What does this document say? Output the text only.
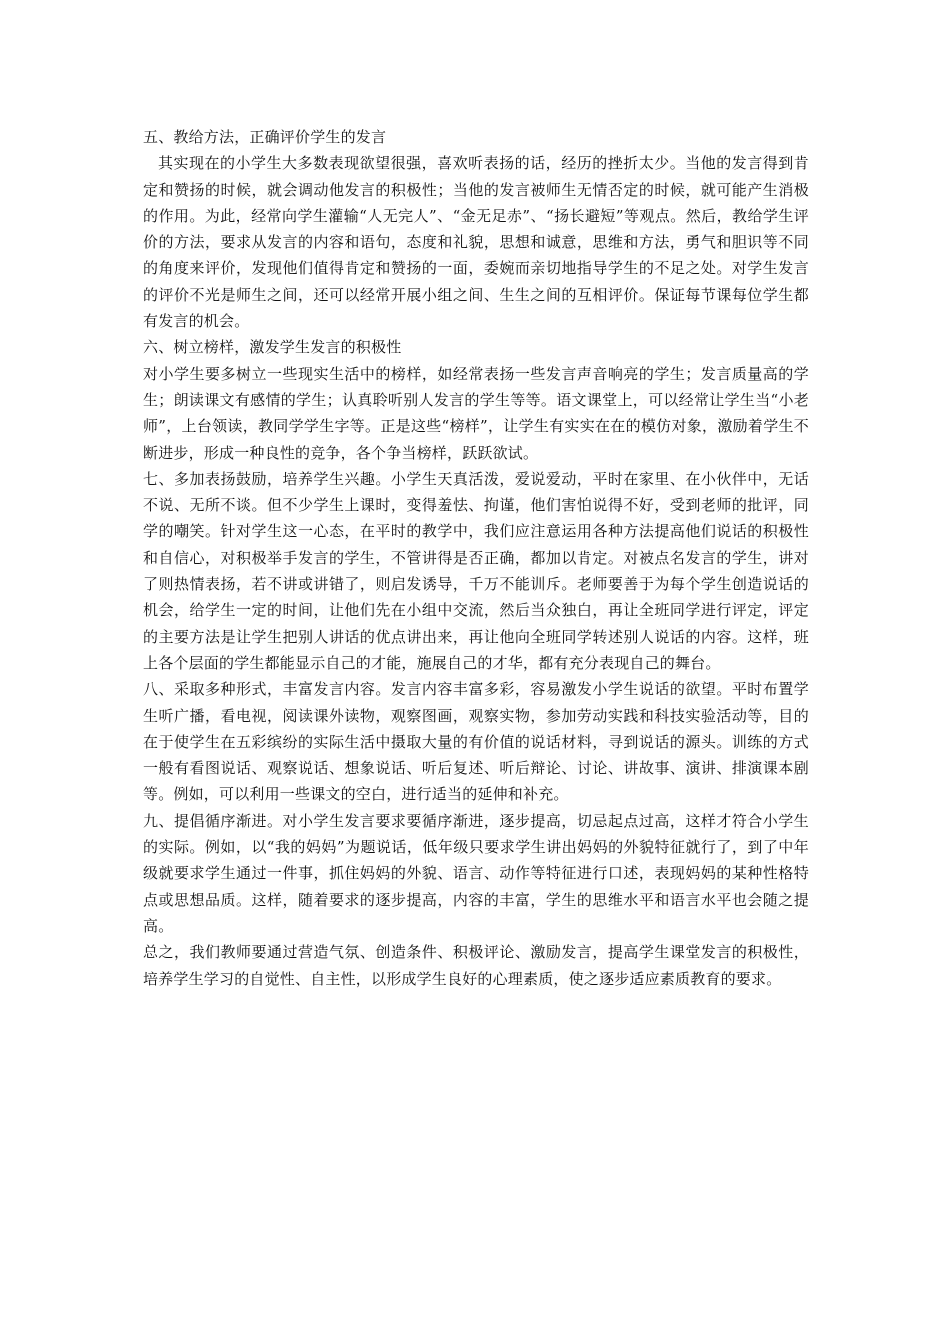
五、教给方法，正确评价学生的发言

其实现在的小学生大多数表现欲望很强，喜欢听表扬的话，经历的挫折太少。当他的发言得到肯定和赞扬的时候，就会调动他发言的积极性；当他的发言被师生无情否定的时候，就可能产生消极的作用。为此，经常向学生灌输“人无完人”、“金无足赤”、“扬长避短”等观点。然后，教给学生评价的方法，要求从发言的内容和语句，态度和礼貌，思想和诚意，思维和方法，勇气和胆识等不同的角度来评价，发现他们值得肯定和赞扬的一面，委婉而亲切地指导学生的不足之处。对学生发言的评价不光是师生之间，还可以经常开展小组之间、生生之间的互相评价。保证每节课每位学生都有发言的机会。

六、树立榜样，激发学生发言的积极性

对小学生要多树立一些现实生活中的榜样，如经常表扬一些发言声音响亮的学生；发言质量高的学生；朗读课文有感情的学生；认真聆听别人发言的学生等等。语文课堂上，可以经常让学生当“小老师”，上台领读，教同学学生字等。正是这些“榜样”，让学生有实实在在的模仿对象，激励着学生不断进步，形成一种良性的竞争，各个争当榜样，跃跃欲试。

七、多加表扬鼓励，培养学生兴趣。小学生天真活泼，爱说爱动，平时在家里、在小伙伴中，无话不说、无所不谈。但不少学生上课时，变得羞怯、拘谨，他们害怕说得不好，受到老师的批评，同学的嘲笑。针对学生这一心态，在平时的教学中，我们应注意运用各种方法提高他们说话的积极性和自信心，对积极举手发言的学生，不管讲得是否正确，都加以肯定。对被点名发言的学生，讲对了则热情表扬，若不讲或讲错了，则启发诱导，千万不能训斥。老师要善于为每个学生创造说话的机会，给学生一定的时间，让他们先在小组中交流，然后当众独白，再让全班同学进行评定，评定的主要方法是让学生把别人讲话的优点讲出来，再让他向全班同学转述别人说话的内容。这样，班上各个层面的学生都能显示自己的才能，施展自己的才华，都有充分表现自己的舞台。

八、采取多种形式，丰富发言内容。发言内容丰富多彩，容易激发小学生说话的欲望。平时布置学生听广播，看电视，阅读课外读物，观察图画，观察实物，参加劳动实践和科技实验活动等，目的在于使学生在五彩缤纷的实际生活中摄取大量的有价值的说话材料，寻到说话的源头。训练的方式一般有看图说话、观察说话、想象说话、听后复述、听后辩论、讨论、讲故事、演讲、排演课本剧等。例如，可以利用一些课文的空白，进行适当的延伸和补充。

九、提倡循序渐进。对小学生发言要求要循序渐进，逐步提高，切忌起点过高，这样才符合小学生的实际。例如，以“我的妈妈”为题说话，低年级只要求学生讲出妈妈的外貌特征就行了，到了中年级就要求学生通过一件事，抓住妈妈的外貌、语言、动作等特征进行口述，表现妈妈的某种性格特点或思想品质。这样，随着要求的逐步提高，内容的丰富，学生的思维水平和语言水平也会随之提高。

总之，我们教师要通过营造气氛、创造条件、积极评论、激励发言，提高学生课堂发言的积极性，培养学生学习的自觉性、自主性，以形成学生良好的心理素质，使之逐步适应素质教育的要求。
